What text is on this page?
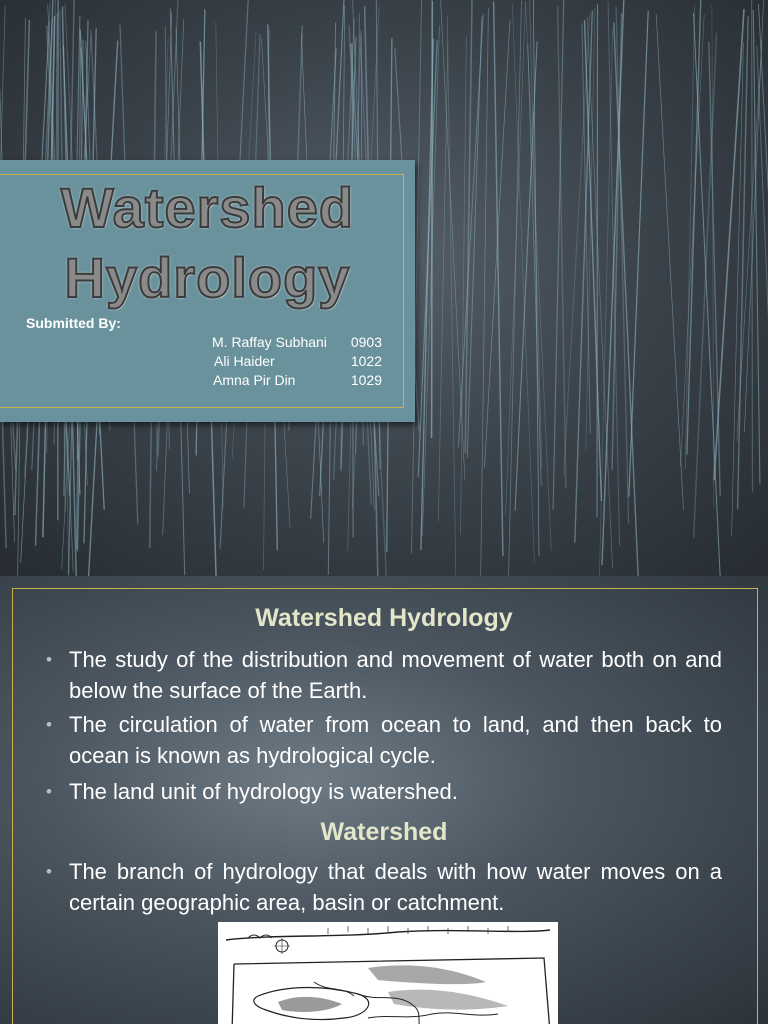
Watershed
Hydrology
Submitted By:
M. Raffay Subhani 0903
Ali Haider	1022
Amna Pir Din	1029
Watershed Hydrology
• The study of the distribution and movement of water both on and below the surface of the Earth.
• The circulation of water from ocean to land, and then back to ocean is known as hydrological cycle.
• The land unit of hydrology is watershed.
Watershed
• The branch of hydrology that deals with how water moves on a certain geographic area, basin or catchment.
